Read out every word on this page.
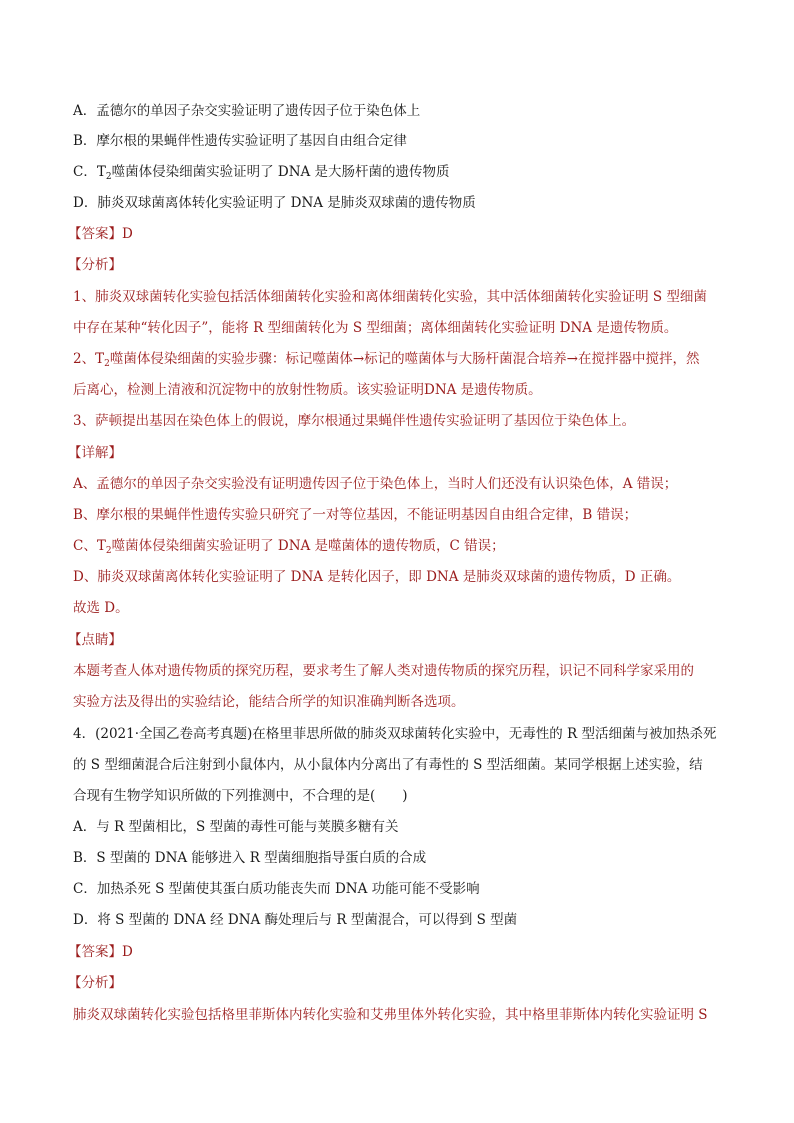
A．孟德尔的单因子杂交实验证明了遗传因子位于染色体上
B．摩尔根的果蝇伴性遗传实验证明了基因自由组合定律
C．$T_2$噬菌体侵染细菌实验证明了 DNA 是大肠杆菌的遗传物质
D．肺炎双球菌离体转化实验证明了 DNA 是肺炎双球菌的遗传物质
【答案】D
【分析】
1、肺炎双球菌转化实验包括活体细菌转化实验和离体细菌转化实验，其中活体细菌转化实验证明 S 型细菌
中存在某种“转化因子”，能将 R 型细菌转化为 S 型细菌；离体细菌转化实验证明 DNA 是遗传物质。
2、$T_2$噬菌体侵染细菌的实验步骤：标记噬菌体→标记的噬菌体与大肠杆菌混合培养→在搅拌器中搅拌，然
后离心，检测上清液和沉淀物中的放射性物质。该实验证明DNA 是遗传物质。
3、萨顿提出基因在染色体上的假说，摩尔根通过果蝇伴性遗传实验证明了基因位于染色体上。
【详解】
A、孟德尔的单因子杂交实验没有证明遗传因子位于染色体上，当时人们还没有认识染色体，A 错误；
B、摩尔根的果蝇伴性遗传实验只研究了一对等位基因，不能证明基因自由组合定律，B 错误；
C、$T_2$噬菌体侵染细菌实验证明了 DNA 是噬菌体的遗传物质，C 错误；
D、肺炎双球菌离体转化实验证明了 DNA 是转化因子，即 DNA 是肺炎双球菌的遗传物质，D 正确。
故选 D。
【点睛】
本题考查人体对遗传物质的探究历程，要求考生了解人类对遗传物质的探究历程，识记不同科学家采用的
实验方法及得出的实验结论，能结合所学的知识准确判断各选项。
4．(2021·全国乙卷高考真题)在格里菲思所做的肺炎双球菌转化实验中，无毒性的 R 型活细菌与被加热杀死
的 S 型细菌混合后注射到小鼠体内，从小鼠体内分离出了有毒性的 S 型活细菌。某同学根据上述实验，结
合现有生物学知识所做的下列推测中，不合理的是(　　)
A．与 R 型菌相比，S 型菌的毒性可能与荚膜多糖有关
B．S 型菌的 DNA 能够进入 R 型菌细胞指导蛋白质的合成
C．加热杀死 S 型菌使其蛋白质功能丧失而 DNA 功能可能不受影响
D．将 S 型菌的 DNA 经 DNA 酶处理后与 R 型菌混合，可以得到 S 型菌
【答案】D
【分析】
肺炎双球菌转化实验包括格里菲斯体内转化实验和艾弗里体外转化实验，其中格里菲斯体内转化实验证明 S
